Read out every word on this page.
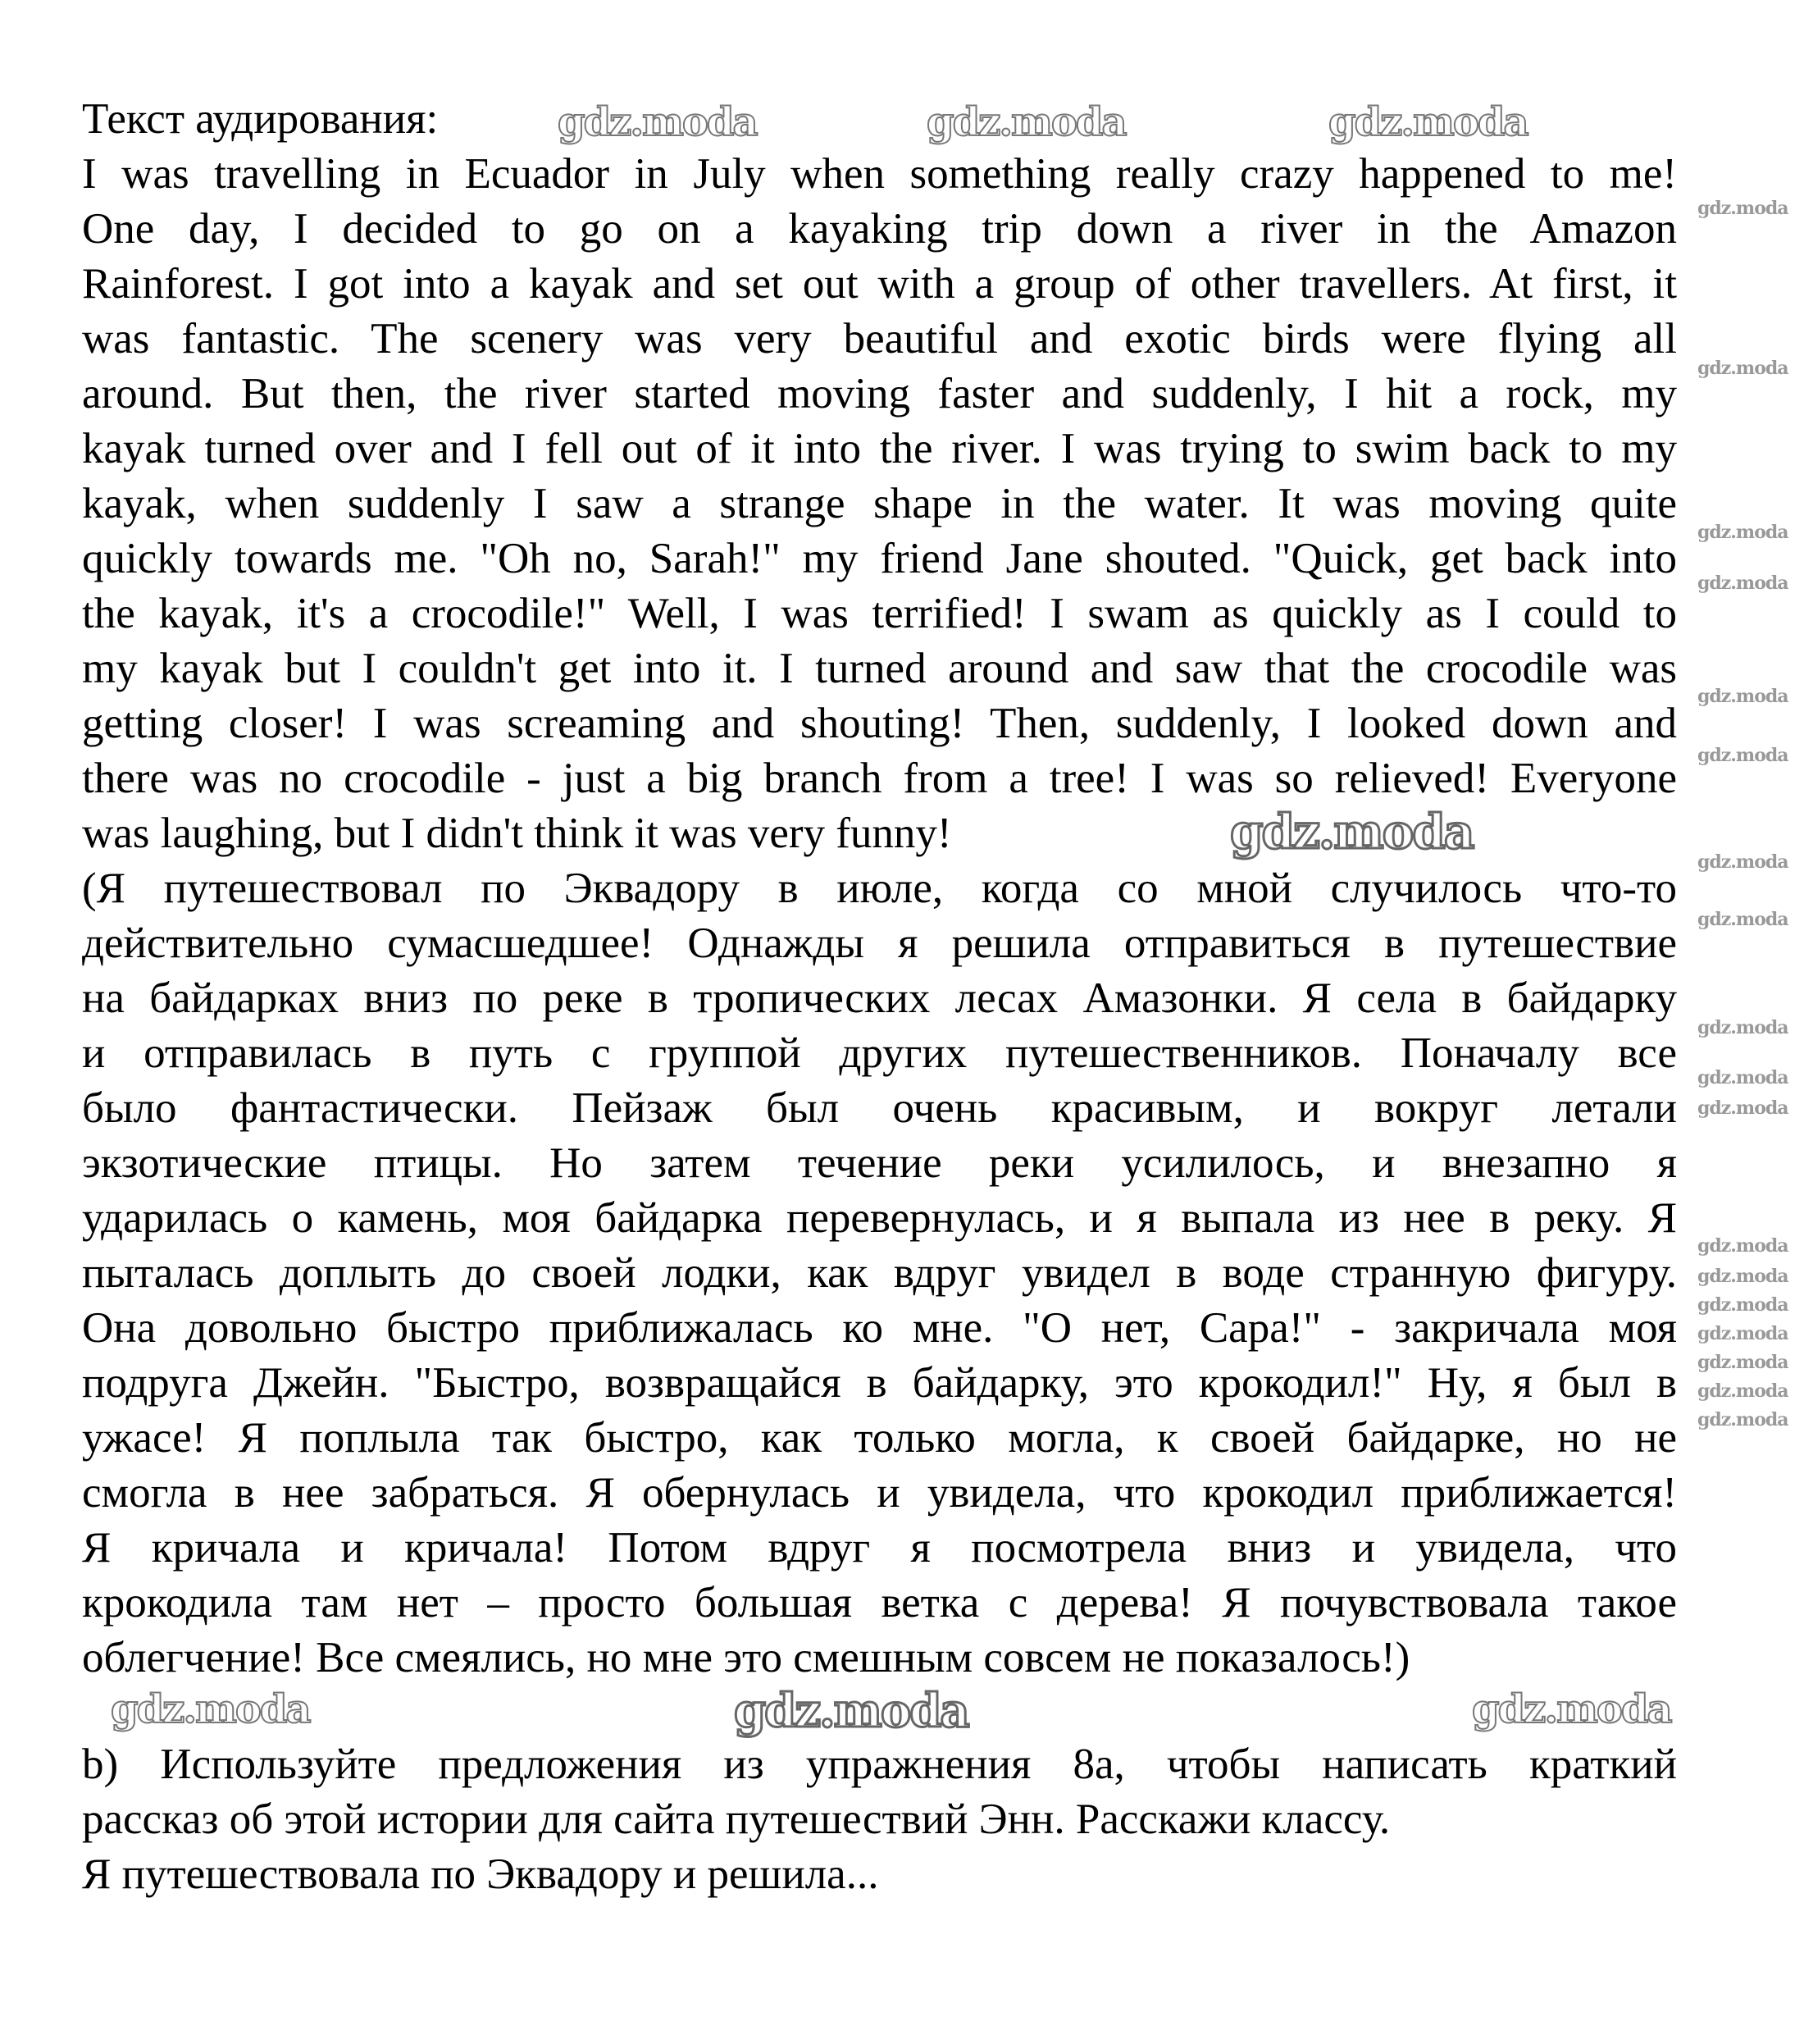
Текст аудирования:
I was travelling in Ecuador in July when something really crazy happened to me!
One day, I decided to go on a kayaking trip down a river in the Amazon
Rainforest. I got into a kayak and set out with a group of other travellers. At first, it
was fantastic. The scenery was very beautiful and exotic birds were flying all
around. But then, the river started moving faster and suddenly, I hit a rock, my
kayak turned over and I fell out of it into the river. I was trying to swim back to my
kayak, when suddenly I saw a strange shape in the water. It was moving quite
quickly towards me. "Oh no, Sarah!" my friend Jane shouted. "Quick, get back into
the kayak, it's a crocodile!" Well, I was terrified! I swam as quickly as I could to
my kayak but I couldn't get into it. I turned around and saw that the crocodile was
getting closer! I was screaming and shouting! Then, suddenly, I looked down and
there was no crocodile - just a big branch from a tree! I was so relieved! Everyone
was laughing, but I didn't think it was very funny!
(Я путешествовал по Эквадору в июле, когда со мной случилось что-то
действительно сумасшедшее! Однажды я решила отправиться в путешествие
на байдарках вниз по реке в тропических лесах Амазонки. Я села в байдарку
и отправилась в путь с группой других путешественников. Поначалу все
было фантастически. Пейзаж был очень красивым, и вокруг летали
экзотические птицы. Но затем течение реки усилилось, и внезапно я
ударилась о камень, моя байдарка перевернулась, и я выпала из нее в реку. Я
пыталась доплыть до своей лодки, как вдруг увидел в воде странную фигуру.
Она довольно быстро приближалась ко мне. "О нет, Сара!" - закричала моя
подруга Джейн. "Быстро, возвращайся в байдарку, это крокодил!" Ну, я был в
ужасе! Я поплыла так быстро, как только могла, к своей байдарке, но не
смогла в нее забраться. Я обернулась и увидела, что крокодил приближается!
Я кричала и кричала! Потом вдруг я посмотрела вниз и увидела, что
крокодила там нет – просто большая ветка с дерева! Я почувствовала такое
облегчение! Все смеялись, но мне это смешным совсем не показалось!)
b) Используйте предложения из упражнения 8a, чтобы написать краткий
рассказ об этой истории для сайта путешествий Энн. Расскажи классу.
Я путешествовала по Эквадору и решила...
gdz.moda	gdz.moda	gdz.moda
gdz.moda
gdz.moda
gdz.moda
gdz.moda
gdz.moda
gdz.moda
gdz.moda
gdz.moda
gdz.moda
gdz.moda
gdz.moda
gdz.moda
gdz.moda
gdz.moda
gdz.moda
gdz.moda
gdz.moda
gdz.moda
gdz.moda
gdz.moda	gdz.moda	gdz.moda
